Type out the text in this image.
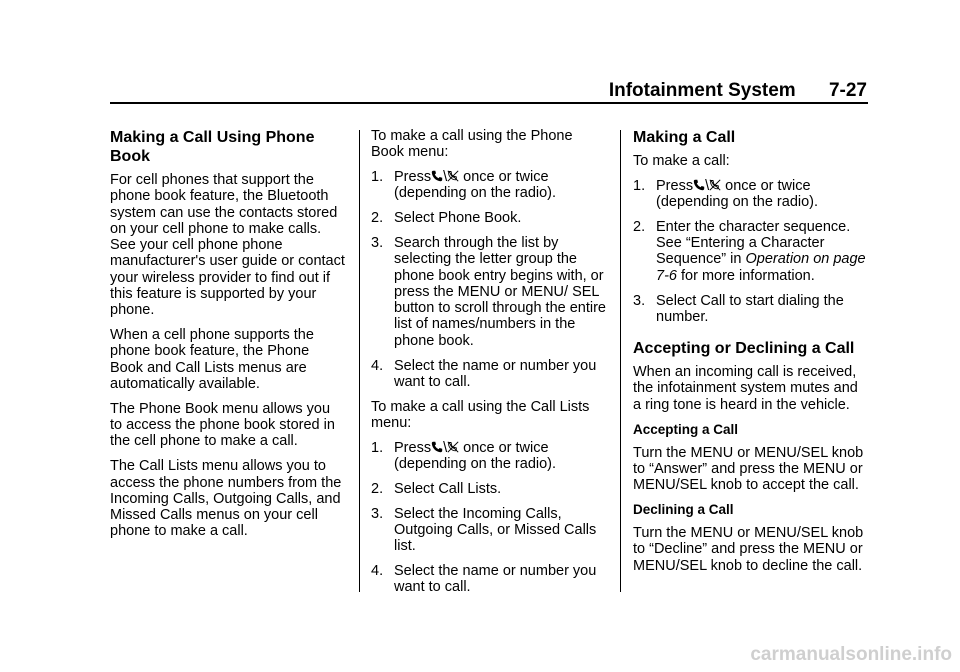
Infotainment System 7-27
Making a Call Using Phone Book

For cell phones that support the phone book feature, the Bluetooth system can use the contacts stored on your cell phone to make calls. See your cell phone phone manufacturer's user guide or contact your wireless provider to find out if this feature is supported by your phone.

When a cell phone supports the phone book feature, the Phone Book and Call Lists menus are automatically available.

The Phone Book menu allows you to access the phone book stored in the cell phone to make a call.

The Call Lists menu allows you to access the phone numbers from the Incoming Calls, Outgoing Calls, and Missed Calls menus on your cell phone to make a call.

To make a call using the Phone Book menu:

1. Press \ once or twice (depending on the radio).
2. Select Phone Book.
3. Search through the list by selecting the letter group the phone book entry begins with, or press the MENU or MENU/ SEL button to scroll through the entire list of names/numbers in the phone book.
4. Select the name or number you want to call.

To make a call using the Call Lists menu:

1. Press \ once or twice (depending on the radio).
2. Select Call Lists.
3. Select the Incoming Calls, Outgoing Calls, or Missed Calls list.
4. Select the name or number you want to call.
Making a Call

To make a call:

1. Press \ once or twice (depending on the radio).
2. Enter the character sequence. See “Entering a Character Sequence” in Operation on page 7-6 for more information.
3. Select Call to start dialing the number.
Accepting or Declining a Call

When an incoming call is received, the infotainment system mutes and a ring tone is heard in the vehicle.

Accepting a Call

Turn the MENU or MENU/SEL knob to “Answer” and press the MENU or MENU/SEL knob to accept the call.

Declining a Call

Turn the MENU or MENU/SEL knob to “Decline” and press the MENU or MENU/SEL knob to decline the call.

carmanualsonline.info
